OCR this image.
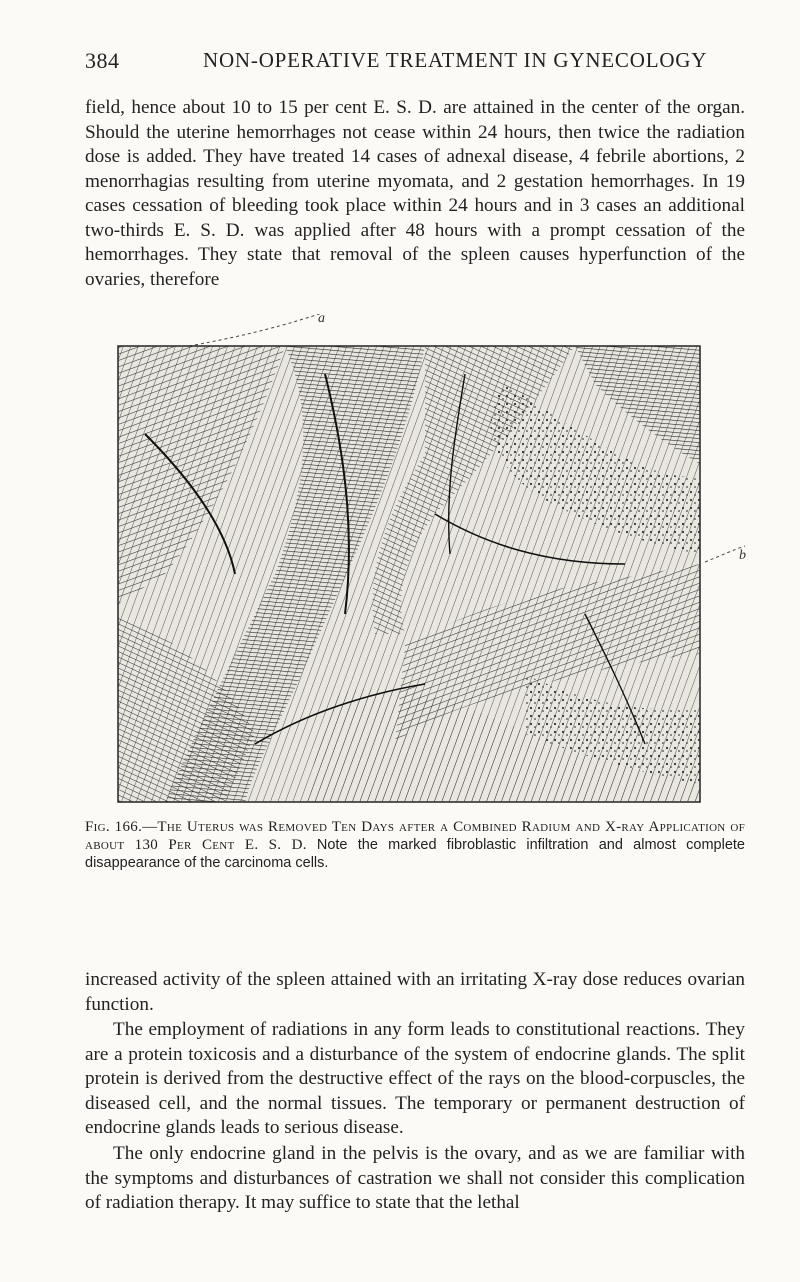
384	NON-OPERATIVE TREATMENT IN GYNECOLOGY

field, hence about 10 to 15 per cent E. S. D. are attained in the center of the organ. Should the uterine hemorrhages not cease within 24 hours, then twice the radiation dose is added. They have treated 14 cases of adnexal disease, 4 febrile abortions, 2 menorrhagias resulting from uterine myomata, and 2 gestation hemorrhages. In 19 cases cessation of bleeding took place within 24 hours and in 3 cases an additional two-thirds E. S. D. was applied after 48 hours with a prompt cessation of the hemorrhages. They state that removal of the spleen causes hyperfunction of the ovaries, therefore

a
b
Fig. 166.—The Uterus was Removed Ten Days after a Combined Radium and X-ray Application of about 130 Per Cent E. S. D. Note the marked fibroblastic infiltration and almost complete disappearance of the carcinoma cells.

increased activity of the spleen attained with an irritating X-ray dose reduces ovarian function.

The employment of radiations in any form leads to constitutional reactions. They are a protein toxicosis and a disturbance of the system of endocrine glands. The split protein is derived from the destructive effect of the rays on the blood-corpuscles, the diseased cell, and the normal tissues. The temporary or permanent destruction of endocrine glands leads to serious disease.

The only endocrine gland in the pelvis is the ovary, and as we are familiar with the symptoms and disturbances of castration we shall not consider this complication of radiation therapy. It may suffice to state that the lethal
